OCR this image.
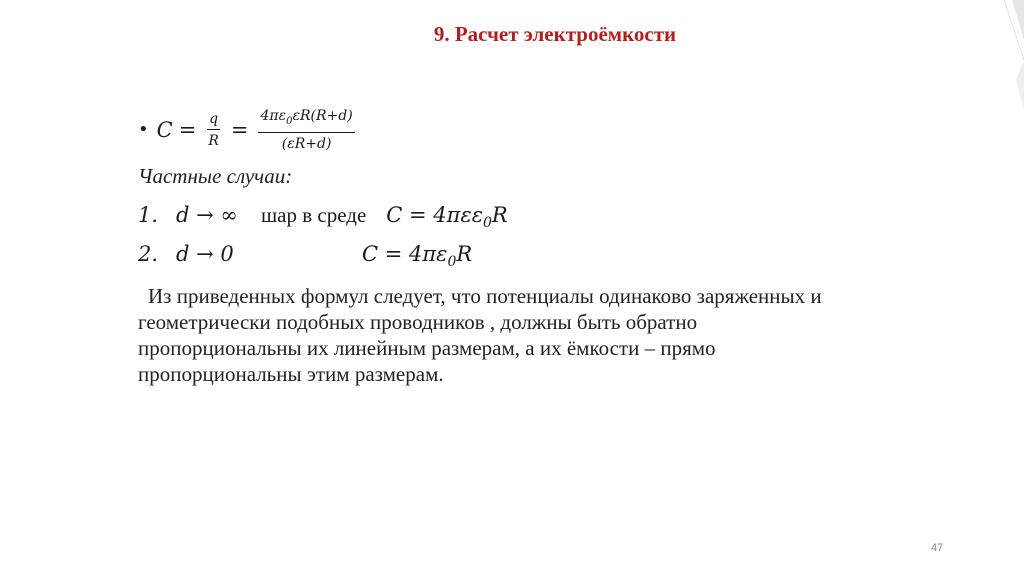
9. Расчет электроёмкости
• $C = \frac{q}{R} = \frac{4\pi\varepsilon_0\varepsilon R(R+d)}{(\varepsilon R+d)}$
Частные случаи:
1. d → ∞	шар в среде C = 4πεε$_0$R
2. d → 0	$C = 4\pi\varepsilon_0R$
Из приведенных формул следует, что потенциалы одинаково заряженных и геометрически подобных проводников , должны быть обратно пропорциональны их линейным размерам, а их ёмкости – прямо пропорциональны этим размерам.
47
